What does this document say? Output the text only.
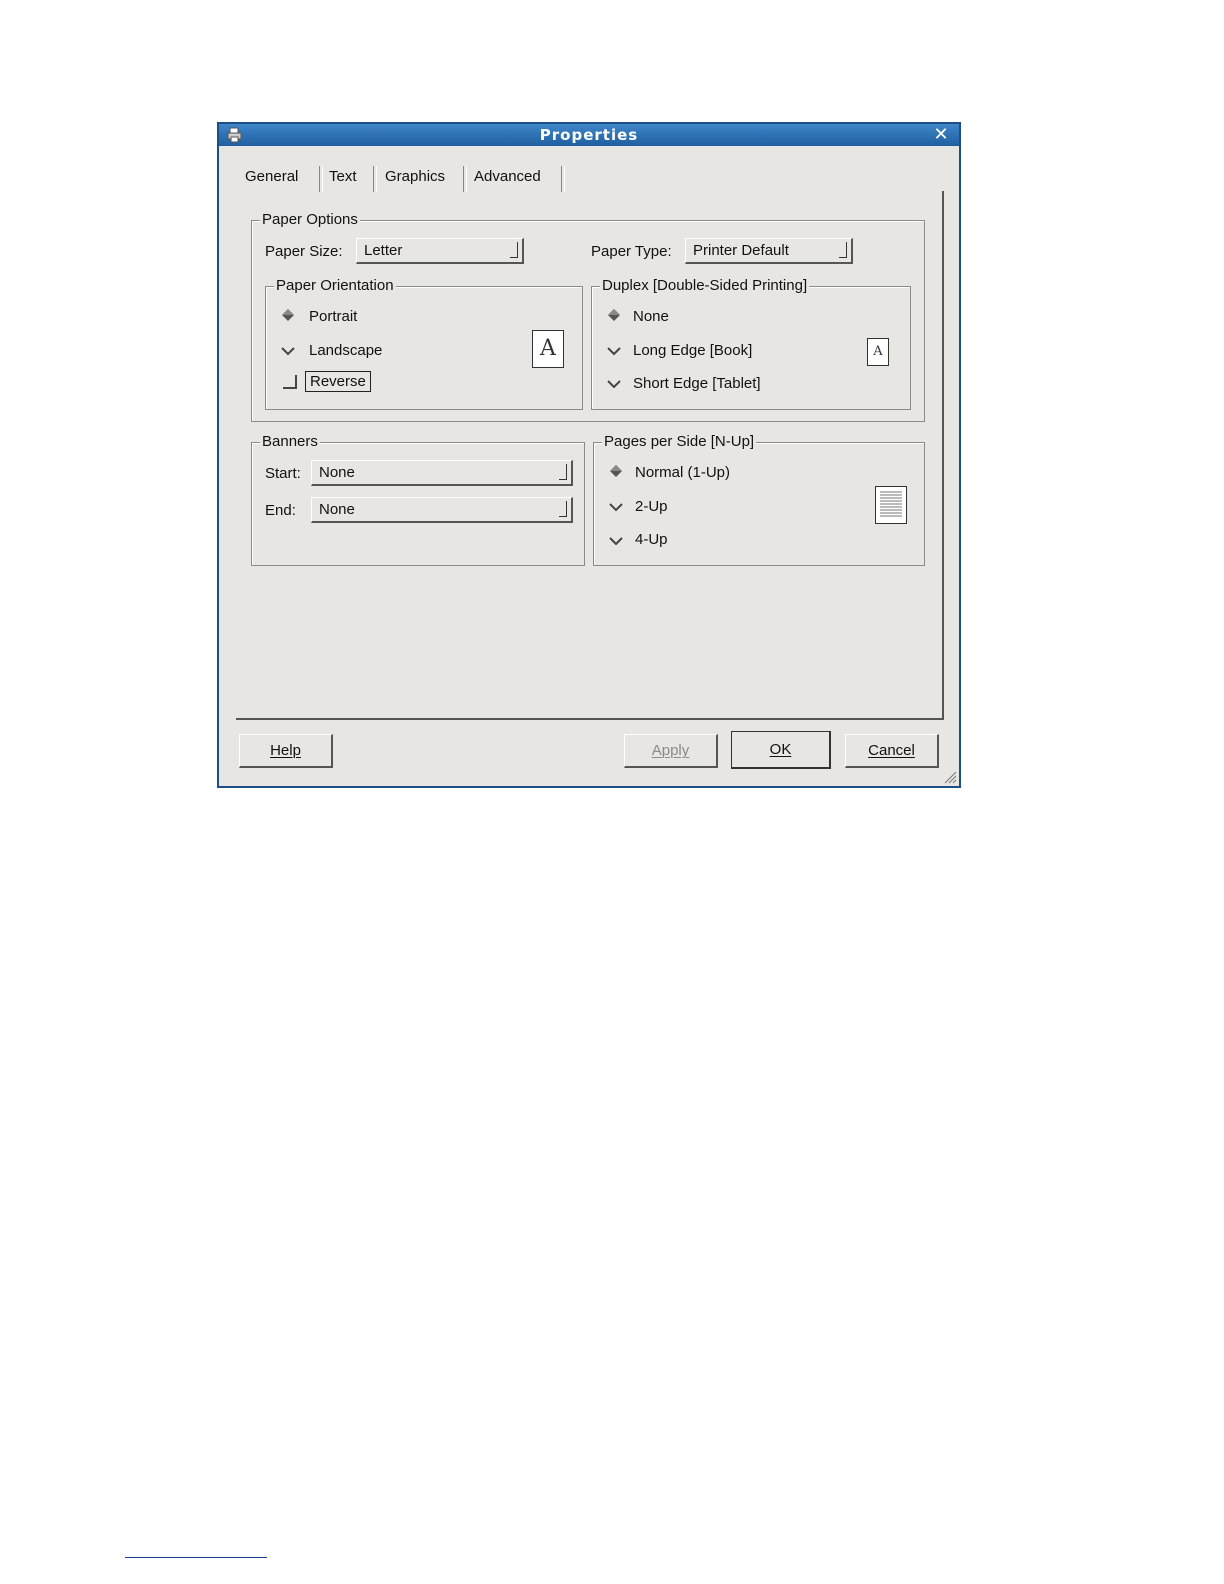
Properties	✕
General Text Graphics Advanced
Paper Options
Paper Size: Letter	Paper Type: Printer Default
Paper Orientation
Portrait
Landscape
Reverse
A
Duplex [Double-Sided Printing]
None
Long Edge [Book]
Short Edge [Tablet]
A
Banners
Start: None
End: None
Pages per Side [N-Up]
Normal (1-Up)
2-Up
4-Up
Help	Apply	OK	Cancel
